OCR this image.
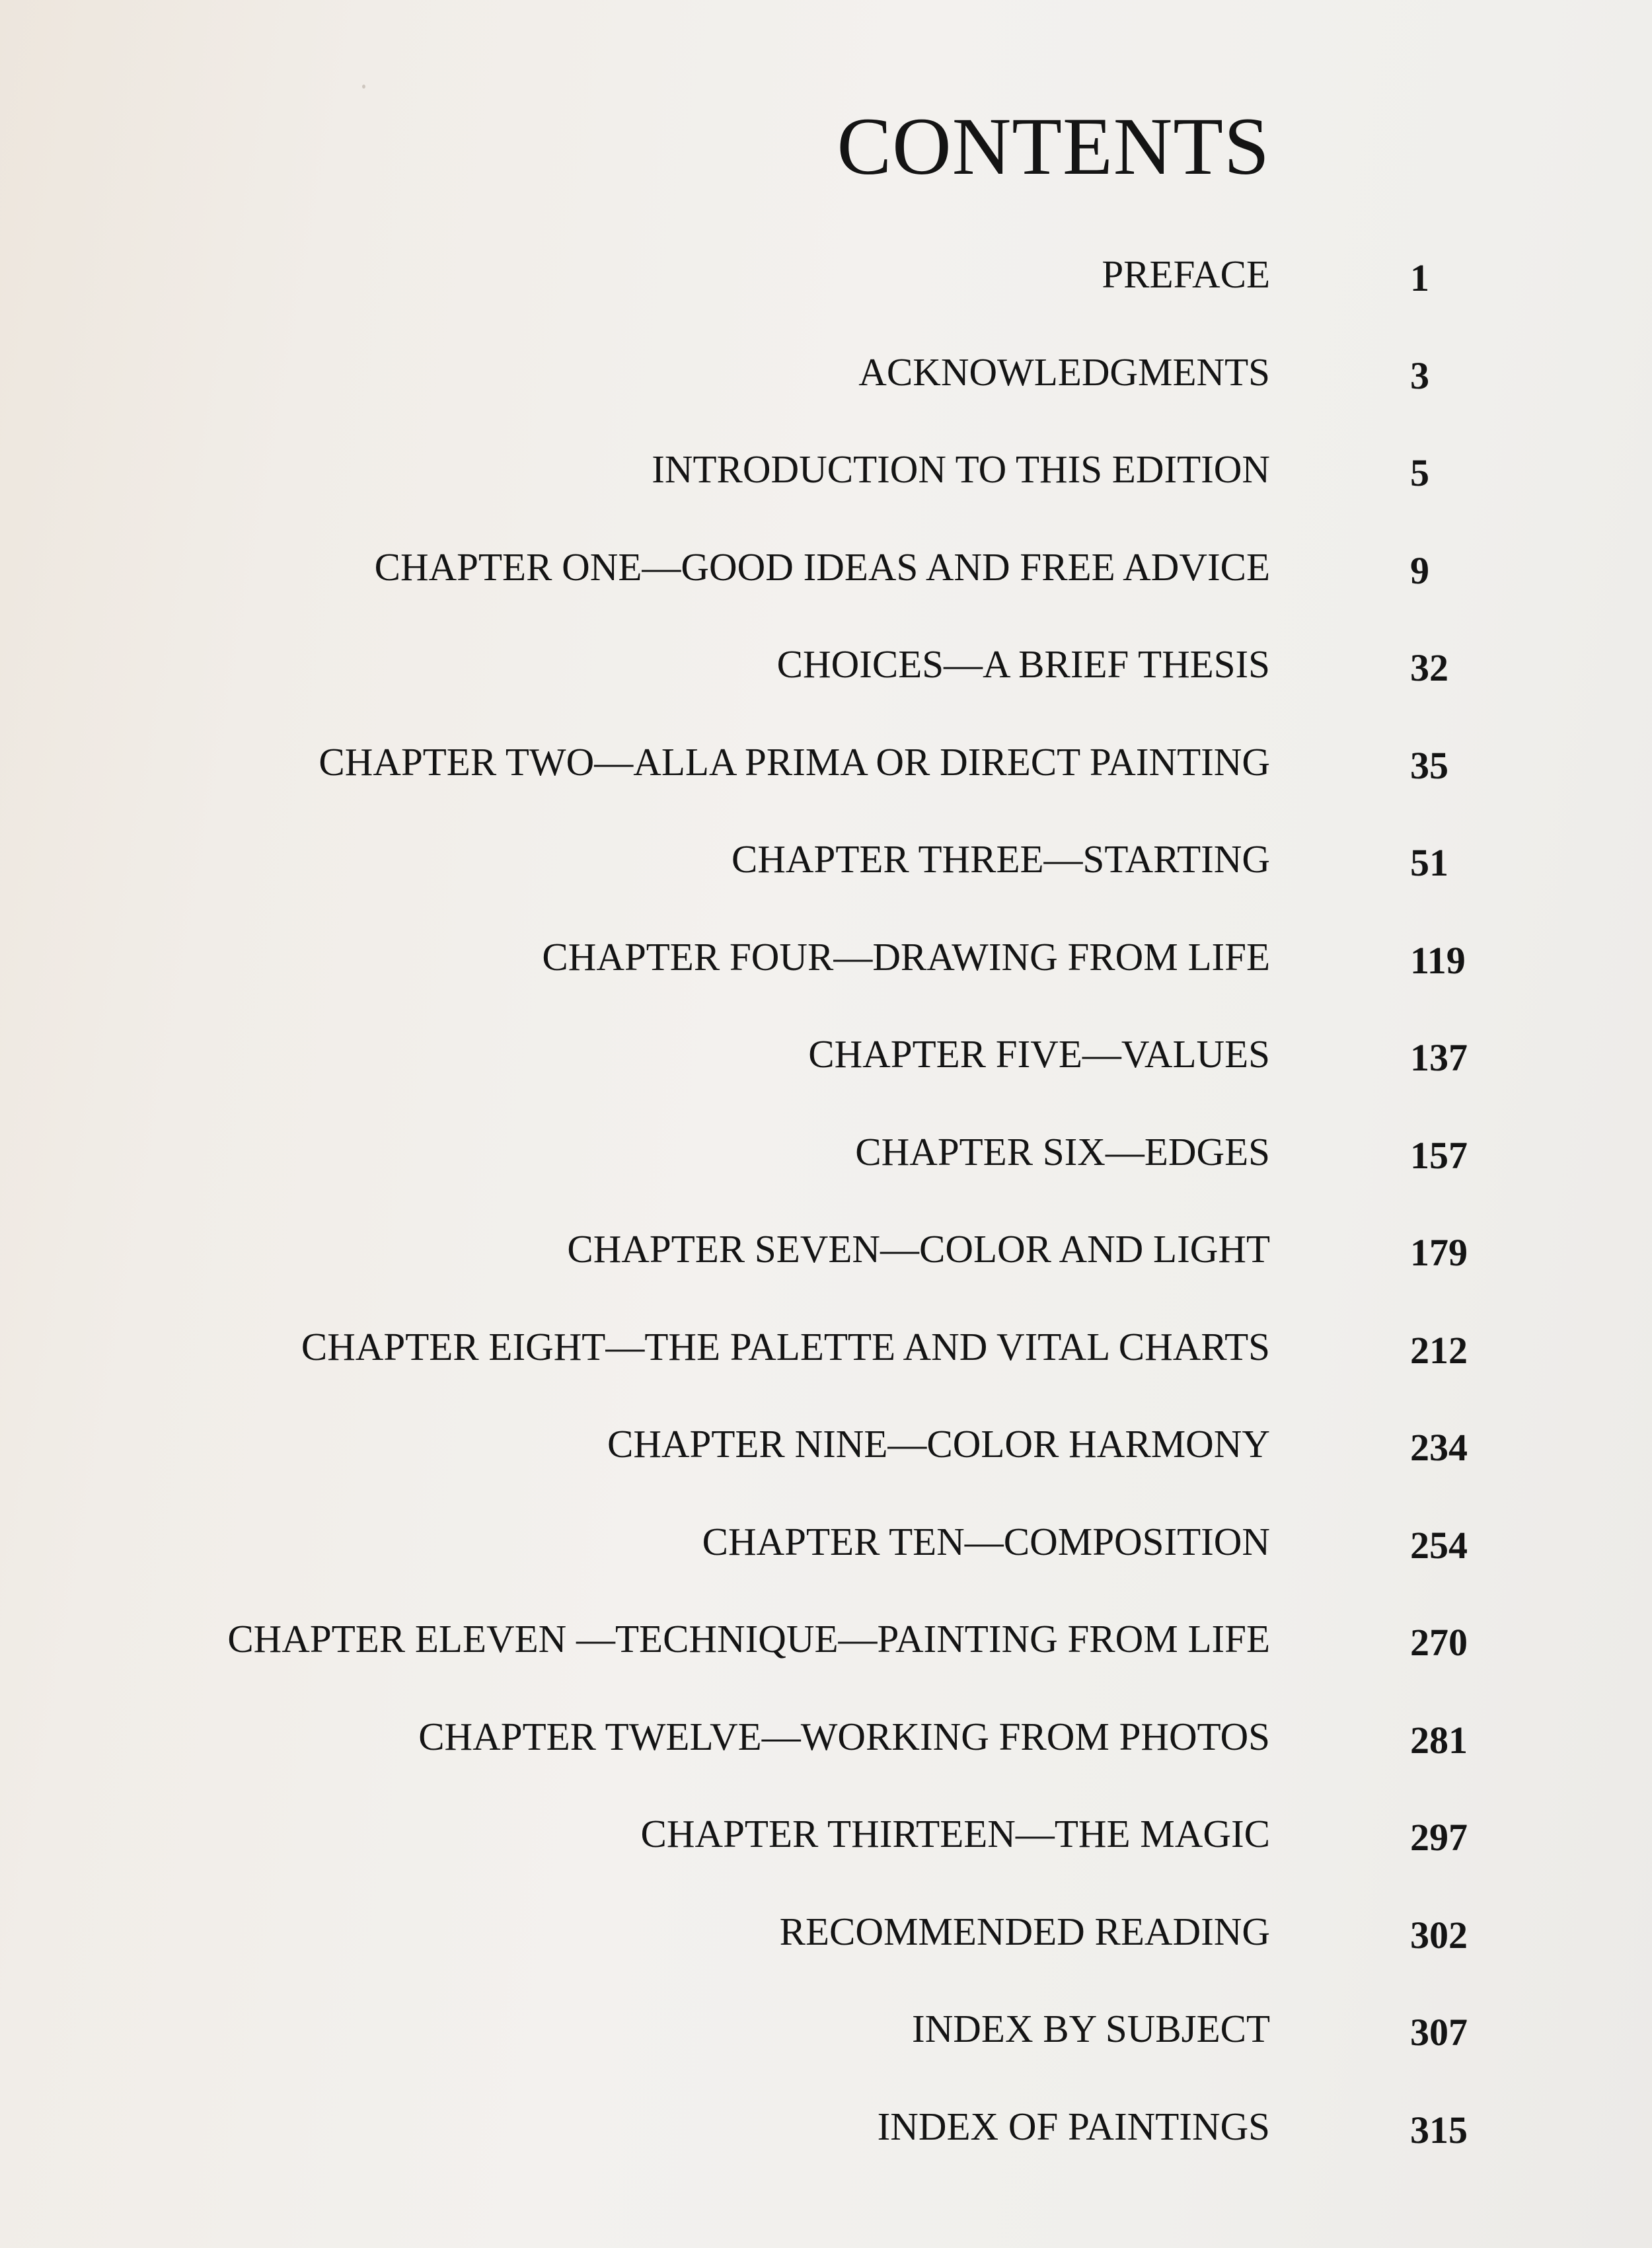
CONTENTS
PREFACE	1
ACKNOWLEDGMENTS	3
INTRODUCTION TO THIS EDITION	5
CHAPTER ONE—GOOD IDEAS AND FREE ADVICE	9
CHOICES—A BRIEF THESIS	32
CHAPTER TWO—ALLA PRIMA OR DIRECT PAINTING	35
CHAPTER THREE—STARTING	51
CHAPTER FOUR—DRAWING FROM LIFE	119
CHAPTER FIVE—VALUES	137
CHAPTER SIX—EDGES	157
CHAPTER SEVEN—COLOR AND LIGHT	179
CHAPTER EIGHT—THE PALETTE AND VITAL CHARTS	212
CHAPTER NINE—COLOR HARMONY	234
CHAPTER TEN—COMPOSITION	254
CHAPTER ELEVEN —TECHNIQUE—PAINTING FROM LIFE	270
CHAPTER TWELVE—WORKING FROM PHOTOS	281
CHAPTER THIRTEEN—THE MAGIC	297
RECOMMENDED READING	302
INDEX BY SUBJECT	307
INDEX OF PAINTINGS	315
